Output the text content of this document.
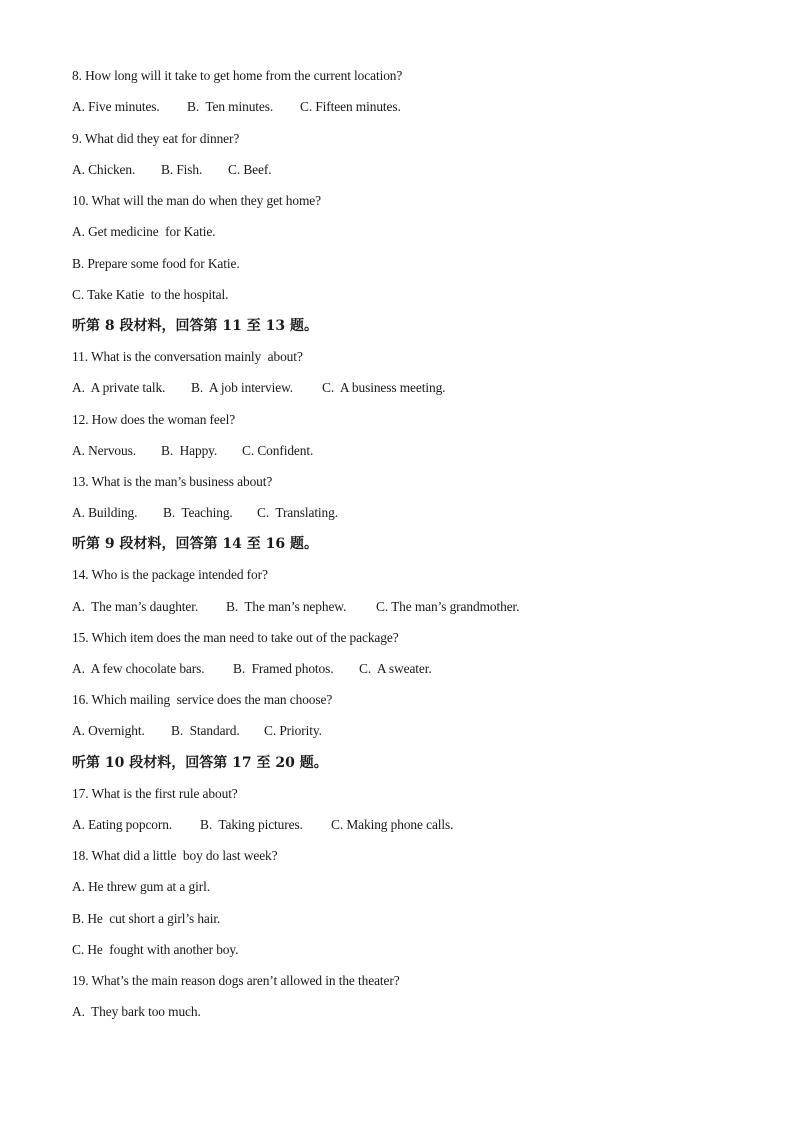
8. How long will it take to get home from the current location?

A. Five minutes.

B.  Ten minutes.

C. Fifteen minutes.

9. What did they eat for dinner?

A. Chicken.

B. Fish.

C. Beef.

10. What will the man do when they get home?
A. Get medicine  for Katie.
B. Prepare some food for Katie.
C. Take Katie  to the hospital.
听第 8 段材料，回答第 11 至 13 题。
11. What is the conversation mainly  about?

A.  A private talk.

B.  A job interview.

C.  A business meeting.

12. How does the woman feel?

A. Nervous.

B.  Happy.

C. Confident.

13. What is the man’s business about?

A. Building.

B.  Teaching.

C.  Translating.

听第 9 段材料，回答第 14 至 16 题。
14. Who is the package intended for?

A.  The man’s daughter.

B.  The man’s nephew.

C. The man’s grandmother.

15. Which item does the man need to take out of the package?

A.  A few chocolate bars.

B.  Framed photos.

C.  A sweater.

16. Which mailing  service does the man choose?

A. Overnight.

B.  Standard.

C. Priority.

听第 10 段材料，回答第 17 至 20 题。
17. What is the first rule about?

A. Eating popcorn.

B.  Taking pictures.

C. Making phone calls.

18. What did a little  boy do last week?
A. He threw gum at a girl.
B. He  cut short a girl’s hair.
C. He  fought with another boy.
19. What’s the main reason dogs aren’t allowed in the theater?
A.  They bark too much.
